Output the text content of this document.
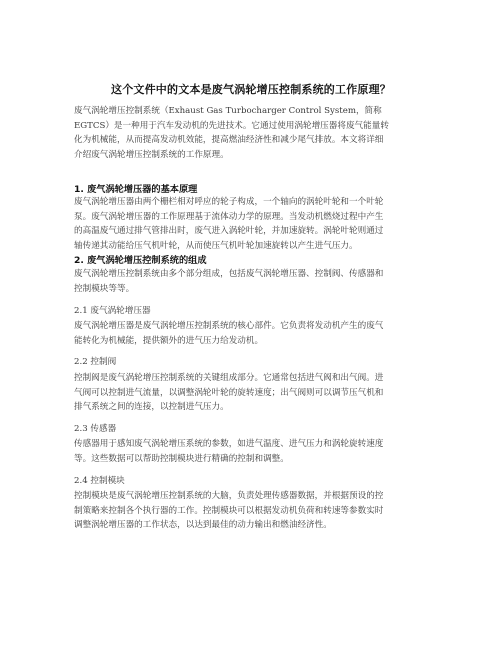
这个文件中的文本是废气涡轮增压控制系统的工作原理？
废气涡轮增压控制系统（Exhaust Gas Turbocharger Control System，简称
EGTCS）是一种用于汽车发动机的先进技术。它通过使用涡轮增压器将废气能量转
化为机械能，从而提高发动机效能，提高燃油经济性和减少尾气排放。本文将详细
介绍废气涡轮增压控制系统的工作原理。
1. 废气涡轮增压器的基本原理
废气涡轮增压器由两个栅栏相对呼应的轮子构成，一个轴向的涡轮叶轮和一个叶轮
泵。废气涡轮增压器的工作原理基于流体动力学的原理。当发动机燃烧过程中产生
的高温废气通过排气管排出时，废气进入涡轮叶轮，并加速旋转。涡轮叶轮则通过
轴传递其动能给压气机叶轮，从而使压气机叶轮加速旋转以产生进气压力。
2. 废气涡轮增压控制系统的组成
废气涡轮增压控制系统由多个部分组成，包括废气涡轮增压器、控制阀、传感器和
控制模块等等。
2.1 废气涡轮增压器
废气涡轮增压器是废气涡轮增压控制系统的核心部件。它负责将发动机产生的废气
能转化为机械能，提供额外的进气压力给发动机。
2.2 控制阀
控制阀是废气涡轮增压控制系统的关键组成部分。它通常包括进气阀和出气阀。进
气阀可以控制进气流量，以调整涡轮叶轮的旋转速度；出气阀则可以调节压气机和
排气系统之间的连接，以控制进气压力。
2.3 传感器
传感器用于感知废气涡轮增压系统的参数，如进气温度、进气压力和涡轮旋转速度
等。这些数据可以帮助控制模块进行精确的控制和调整。
2.4 控制模块
控制模块是废气涡轮增压控制系统的大脑，负责处理传感器数据，并根据预设的控
制策略来控制各个执行器的工作。控制模块可以根据发动机负荷和转速等参数实时
调整涡轮增压器的工作状态，以达到最佳的动力输出和燃油经济性。
